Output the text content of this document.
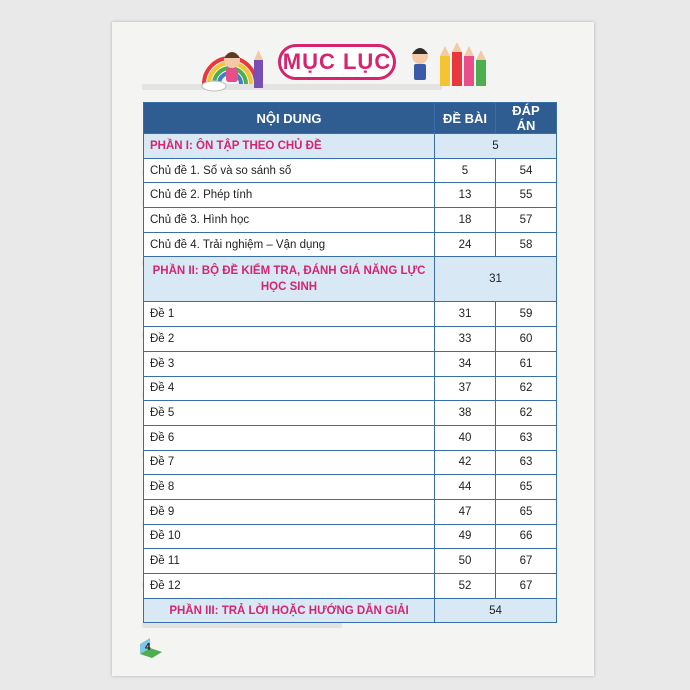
MỤC LỤC
NỘI DUNG	ĐỀ BÀI	ĐÁP ÁN
PHẦN I: ÔN TẬP THEO CHỦ ĐỀ	5	
Chủ đề 1. Số và so sánh số	5	54
Chủ đề 2. Phép tính	13	55
Chủ đề 3. Hình học	18	57
Chủ đề 4. Trải nghiệm – Vận dụng	24	58
PHẦN II: BỘ ĐỀ KIỂM TRA, ĐÁNH GIÁ NĂNG LỰC HỌC SINH	31	
Đề 1	31	59
Đề 2	33	60
Đề 3	34	61
Đề 4	37	62
Đề 5	38	62
Đề 6	40	63
Đề 7	42	63
Đề 8	44	65
Đề 9	47	65
Đề 10	49	66
Đề 11	50	67
Đề 12	52	67
PHẦN III: TRẢ LỜI HOẶC HƯỚNG DẪN GIẢI	54	
4
